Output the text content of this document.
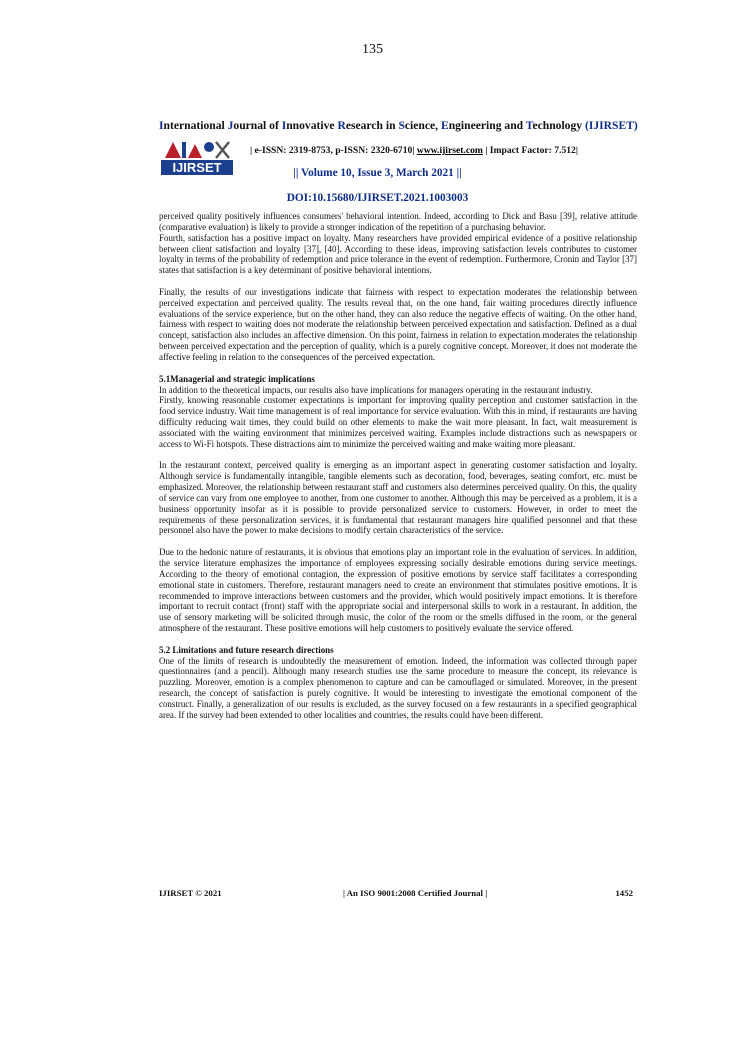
135
International Journal of Innovative Research in Science, Engineering and Technology (IJIRSET)
IJIRSET
| e-ISSN: 2319-8753, p-ISSN: 2320-6710| www.ijirset.com | Impact Factor: 7.512|
|| Volume 10, Issue 3, March 2021 ||
DOI:10.15680/IJIRSET.2021.1003003

perceived quality positively influences consumers' behavioral intention. Indeed, according to Dick and Basu [39], relative attitude (comparative evaluation) is likely to provide a stronger indication of the repetition of a purchasing behavior.

Fourth, satisfaction has a positive impact on loyalty. Many researchers have provided empirical evidence of a positive relationship between client satisfaction and loyalty [37], [40]. According to these ideas, improving satisfaction levels contributes to customer loyalty in terms of the probability of redemption and price tolerance in the event of redemption. Furthermore, Cronin and Taylor [37] states that satisfaction is a key determinant of positive behavioral intentions.

Finally, the results of our investigations indicate that fairness with respect to expectation moderates the relationship between perceived expectation and perceived quality. The results reveal that, on the one hand, fair waiting procedures directly influence evaluations of the service experience, but on the other hand, they can also reduce the negative effects of waiting. On the other hand, fairness with respect to waiting does not moderate the relationship between perceived expectation and satisfaction. Defined as a dual concept, satisfaction also includes an affective dimension. On this point, fairness in relation to expectation moderates the relationship between perceived expectation and the perception of quality, which is a purely cognitive concept. Moreover, it does not moderate the affective feeling in relation to the consequences of the perceived expectation.

5.1Managerial and strategic implications

In addition to the theoretical impacts, our results also have implications for managers operating in the restaurant industry.

Firstly, knowing reasonable customer expectations is important for improving quality perception and customer satisfaction in the food service industry. Wait time management is of real importance for service evaluation. With this in mind, if restaurants are having difficulty reducing wait times, they could build on other elements to make the wait more pleasant. In fact, wait measurement is associated with the waiting environment that minimizes perceived waiting. Examples include distractions such as newspapers or access to Wi-Fi hotspots. These distractions aim to minimize the perceived waiting and make waiting more pleasant.

In the restaurant context, perceived quality is emerging as an important aspect in generating customer satisfaction and loyalty. Although service is fundamentally intangible, tangible elements such as decoration, food, beverages, seating comfort, etc. must be emphasized. Moreover, the relationship between restaurant staff and customers also determines perceived quality. On this, the quality of service can vary from one employee to another, from one customer to another. Although this may be perceived as a problem, it is a business opportunity insofar as it is possible to provide personalized service to customers. However, in order to meet the requirements of these personalization services, it is fundamental that restaurant managers hire qualified personnel and that these personnel also have the power to make decisions to modify certain characteristics of the service.

Due to the hedonic nature of restaurants, it is obvious that emotions play an important role in the evaluation of services. In addition, the service literature emphasizes the importance of employees expressing socially desirable emotions during service meetings. According to the theory of emotional contagion, the expression of positive emotions by service staff facilitates a corresponding emotional state in customers. Therefore, restaurant managers need to create an environment that stimulates positive emotions. It is recommended to improve interactions between customers and the provider, which would positively impact emotions. It is therefore important to recruit contact (front) staff with the appropriate social and interpersonal skills to work in a restaurant. In addition, the use of sensory marketing will be solicited through music, the color of the room or the smells diffused in the room, or the general atmosphere of the restaurant. These positive emotions will help customers to positively evaluate the service offered.

5.2 Limitations and future research directions

One of the limits of research is undoubtedly the measurement of emotion. Indeed, the information was collected through paper questionnaires (and a pencil). Although many research studies use the same procedure to measure the concept, its relevance is puzzling. Moreover, emotion is a complex phenomenon to capture and can be camouflaged or simulated. Moreover, in the present research, the concept of satisfaction is purely cognitive. It would be interesting to investigate the emotional component of the construct. Finally, a generalization of our results is excluded, as the survey focused on a few restaurants in a specified geographical area. If the survey had been extended to other localities and countries, the results could have been different.

IJIRSET © 2021	| An ISO 9001:2008 Certified Journal |	1452
